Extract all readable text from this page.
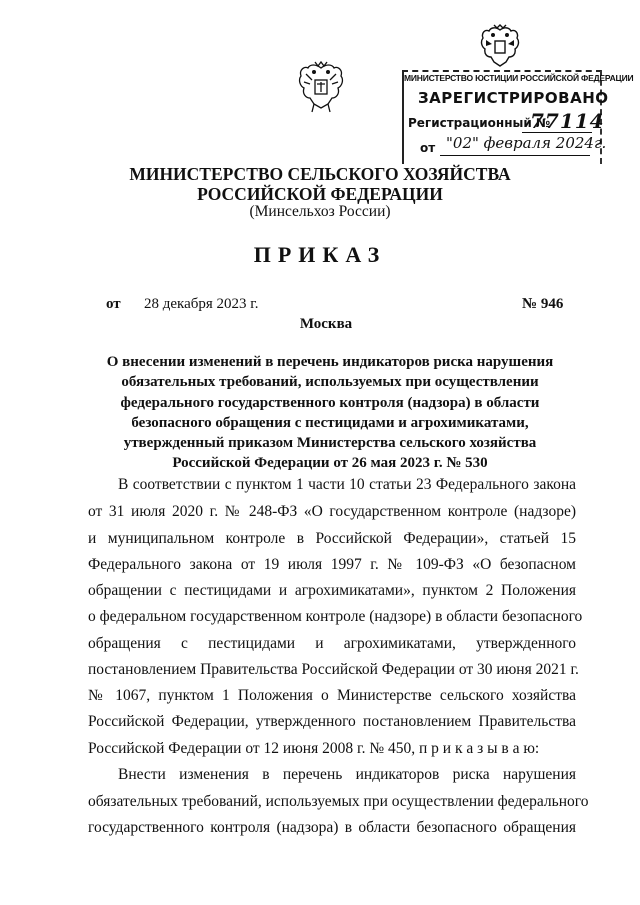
МИНИСТЕРСТВО ЮСТИЦИИ РОССИЙСКОЙ ФЕДЕРАЦИИ
ЗАРЕГИСТРИРОВАНО
Регистрационный №
77114
от "02" февраля 2024г.
МИНИСТЕРСТВО СЕЛЬСКОГО ХОЗЯЙСТВА
РОССИЙСКОЙ ФЕДЕРАЦИИ
(Минсельхоз России)
ПРИКАЗ
от 28 декабря 2023 г.	№ 946
Москва
О внесении изменений в перечень индикаторов риска нарушения
обязательных требований, используемых при осуществлении
федерального государственного контроля (надзора) в области
безопасного обращения с пестицидами и агрохимикатами,
утвержденный приказом Министерства сельского хозяйства
Российской Федерации от 26 мая 2023 г. № 530
В соответствии с пунктом 1 части 10 статьи 23 Федерального закона
от 31 июля 2020 г. № 248-ФЗ «О государственном контроле (надзоре)
и муниципальном контроле в Российской Федерации», статьей 15
Федерального закона от 19 июля 1997 г. № 109-ФЗ «О безопасном
обращении с пестицидами и агрохимикатами», пунктом 2 Положения
о федеральном государственном контроле (надзоре) в области безопасного
обращения с пестицидами и агрохимикатами, утвержденного
постановлением Правительства Российской Федерации от 30 июня 2021 г.
№ 1067, пунктом 1 Положения о Министерстве сельского хозяйства
Российской Федерации, утвержденного постановлением Правительства
Российской Федерации от 12 июня 2008 г. № 450, п р и к а з ы в а ю:
Внести изменения в перечень индикаторов риска нарушения
обязательных требований, используемых при осуществлении федерального
государственного контроля (надзора) в области безопасного обращения
